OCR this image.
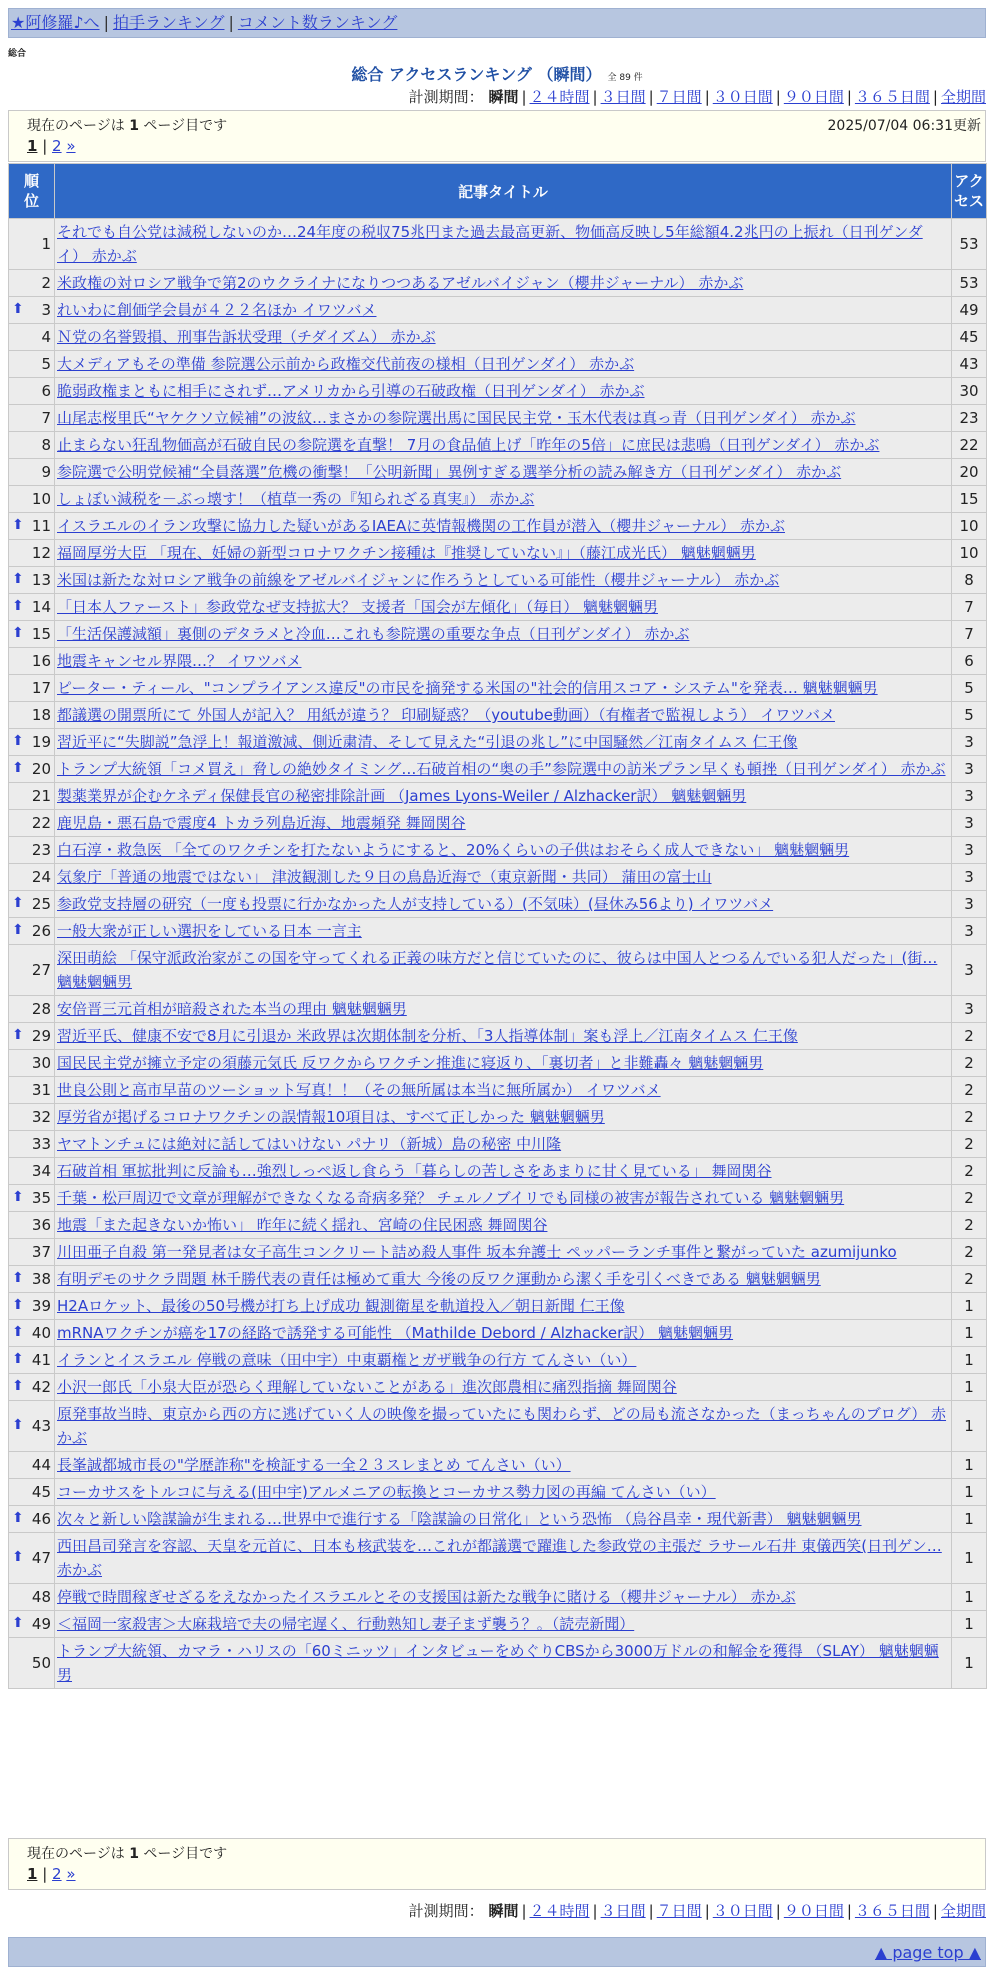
★阿修羅♪へ | 拍手ランキング | コメント数ランキング
総合
総合 アクセスランキング （瞬間） 全 89 件
計測期間： 瞬間 | ２４時間 | ３日間 | ７日間 | ３０日間 | ９０日間 | ３６５日間 | 全期間
現在のページは 1 ページ目です	2025/07/04 06:31更新
1 | 2 »
順位	記事タイトル	アクセス
1	それでも自公党は減税しないのか…24年度の税収75兆円また過去最高更新、物価高反映し5年総額4.2兆円の上振れ（日刊ゲンダイ） 赤かぶ	53
2	米政権の対ロシア戦争で第2のウクライナになりつつあるアゼルバイジャン（櫻井ジャーナル） 赤かぶ	53

⬆ 3	れいわに創価学会員が４２２名ほか イワツバメ	49
4	Ｎ党の名誉毀損、刑事告訴状受理（チダイズム） 赤かぶ	45
5	大メディアもその準備 参院選公示前から政権交代前夜の様相（日刊ゲンダイ） 赤かぶ	43
6	脆弱政権まともに相手にされず…アメリカから引導の石破政権（日刊ゲンダイ） 赤かぶ	30
7	山尾志桜里氏“ヤケクソ立候補”の波紋…まさかの参院選出馬に国民民主党・玉木代表は真っ青（日刊ゲンダイ） 赤かぶ	23
8	止まらない狂乱物価高が石破自民の参院選を直撃！ 7月の食品値上げ「昨年の5倍」に庶民は悲鳴（日刊ゲンダイ） 赤かぶ	22
9	参院選で公明党候補“全員落選”危機の衝撃！「公明新聞」異例すぎる選挙分析の読み解き方（日刊ゲンダイ） 赤かぶ	20
10	しょぼい減税を－ぶっ壊す！（植草一秀の『知られざる真実』） 赤かぶ	15

⬆ 11	イスラエルのイラン攻撃に協力した疑いがあるIAEAに英情報機関の工作員が潜入（櫻井ジャーナル） 赤かぶ	10
12	福岡厚労大臣 「現在、妊婦の新型コロナワクチン接種は『推奨していない』」（藤江成光氏） 魑魅魍魎男	10

⬆ 13	米国は新たな対ロシア戦争の前線をアゼルバイジャンに作ろうとしている可能性（櫻井ジャーナル） 赤かぶ	8

⬆ 14	「日本人ファースト」参政党なぜ支持拡大？ 支援者「国会が左傾化」（毎日） 魑魅魍魎男	7

⬆ 15	「生活保護減額」裏側のデタラメと冷血…これも参院選の重要な争点（日刊ゲンダイ） 赤かぶ	7
16	地震キャンセル界隈…？ イワツバメ	6
17	ピーター・ティール、"コンプライアンス違反"の市民を摘発する米国の"社会的信用スコア・システム"を発表… 魑魅魍魎男	5
18	都議選の開票所にて 外国人が記入？ 用紙が違う？ 印刷疑惑？（youtube動画）（有権者で監視しよう） イワツバメ	5

⬆ 19	習近平に“失脚説”急浮上！報道激減、側近粛清、そして見えた“引退の兆し”に中国騒然／江南タイムス 仁王像	3

⬆ 20	トランプ大統領「コメ買え」脅しの絶妙タイミング…石破首相の“奥の手”参院選中の訪米プラン早くも頓挫（日刊ゲンダイ） 赤かぶ	3
21	製薬業界が企むケネディ保健長官の秘密排除計画 （James Lyons-Weiler / Alzhacker訳） 魑魅魍魎男	3
22	鹿児島・悪石島で震度4 トカラ列島近海、地震頻発 舞岡関谷	3
23	白石淳・救急医 「全てのワクチンを打たないようにすると、20%くらいの子供はおそらく成人できない」 魑魅魍魎男	3
24	気象庁「普通の地震ではない」 津波観測した９日の鳥島近海で（東京新聞・共同） 蒲田の富士山	3

⬆ 25	参政党支持層の研究（一度も投票に行かなかった人が支持している）(不気味）(昼休み56より) イワツバメ	3

⬆ 26	一般大衆が正しい選択をしている日本 一言主	3
27	深田萌絵 「保守派政治家がこの国を守ってくれる正義の味方だと信じていたのに、彼らは中国人とつるんでいる犯人だった」(街… 魑魅魍魎男	3
28	安倍晋三元首相が暗殺された本当の理由 魑魅魍魎男	3

⬆ 29	習近平氏、健康不安で8月に引退か 米政界は次期体制を分析、「3人指導体制」案も浮上／江南タイムス 仁王像	2
30	国民民主党が擁立予定の須藤元気氏 反ワクからワクチン推進に寝返り、「裏切者」と非難轟々 魑魅魍魎男	2
31	世良公則と高市早苗のツーショット写真！！（その無所属は本当に無所属か） イワツバメ	2
32	厚労省が掲げるコロナワクチンの誤情報10項目は、すべて正しかった 魑魅魍魎男	2
33	ヤマトンチュには絶対に話してはいけない パナリ（新城）島の秘密 中川隆	2
34	石破首相 軍拡批判に反論も…強烈しっぺ返し食らう「暮らしの苦しさをあまりに甘く見ている」 舞岡関谷	2

⬆ 35	千葉・松戸周辺で文章が理解ができなくなる奇病多発？ チェルノブイリでも同様の被害が報告されている 魑魅魍魎男	2
36	地震「また起きないか怖い」 昨年に続く揺れ、宮崎の住民困惑 舞岡関谷	2
37	川田亜子自殺 第一発見者は女子高生コンクリート詰め殺人事件 坂本弁護士 ペッパーランチ事件と繋がっていた azumijunko	2

⬆ 38	有明デモのサクラ問題 林千勝代表の責任は極めて重大 今後の反ワク運動から潔く手を引くべきである 魑魅魍魎男	2

⬆ 39	H2Aロケット、最後の50号機が打ち上げ成功 観測衛星を軌道投入／朝日新聞 仁王像	1

⬆ 40	mRNAワクチンが癌を17の経路で誘発する可能性 （Mathilde Debord / Alzhacker訳） 魑魅魍魎男	1

⬆ 41	イランとイスラエル 停戦の意味（田中宇）中東覇権とガザ戦争の行方 てんさい（い）	1

⬆ 42	小沢一郎氏「小泉大臣が恐らく理解していないことがある」進次郎農相に痛烈指摘 舞岡関谷	1

⬆ 43	原発事故当時、東京から西の方に逃げていく人の映像を撮っていたにも関わらず、どの局も流さなかった（まっちゃんのブログ） 赤かぶ	1
44	長峯誠都城市長の"学歴詐称"を検証する一全２３スレまとめ てんさい（い）	1
45	コーカサスをトルコに与える(田中宇)アルメニアの転換とコーカサス勢力図の再編 てんさい（い）	1

⬆ 46	次々と新しい陰謀論が生まれる…世界中で進行する「陰謀論の日常化」という恐怖 （烏谷昌幸・現代新書） 魑魅魍魎男	1

⬆ 47	西田昌司発言を容認、天皇を元首に、日本も核武装を…これが都議選で躍進した参政党の主張だ ラサール石井 東儀西笑(日刊ゲン… 赤かぶ	1
48	停戦で時間稼ぎせざるをえなかったイスラエルとその支援国は新たな戦争に賭ける（櫻井ジャーナル） 赤かぶ	1

⬆ 49	＜福岡一家殺害＞大麻栽培で夫の帰宅遅く、行動熟知し妻子まず襲う？。（読売新聞）	1
50	トランプ大統領、カマラ・ハリスの「60ミニッツ」インタビューをめぐりCBSから3000万ドルの和解金を獲得 （SLAY） 魑魅魍魎男	1
現在のページは 1 ページ目です
1 | 2 »
計測期間： 瞬間 | ２４時間 | ３日間 | ７日間 | ３０日間 | ９０日間 | ３６５日間 | 全期間
▲ page top ▲
